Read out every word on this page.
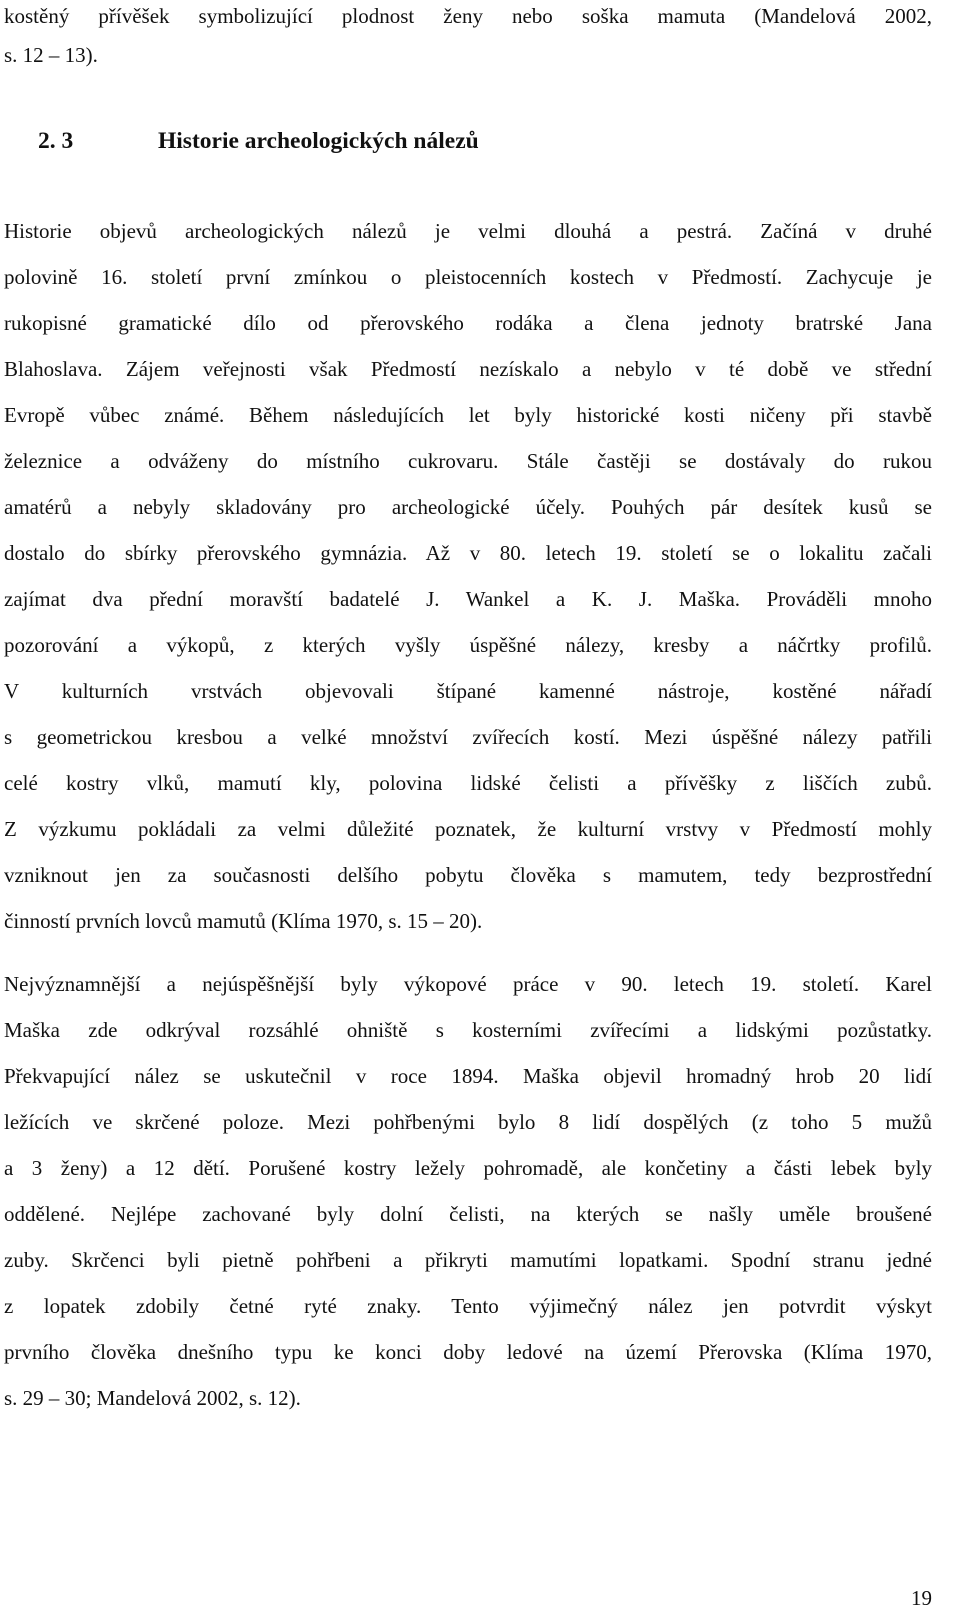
kostěný přívěšek symbolizující plodnost ženy nebo soška mamuta (Mandelová 2002,
s. 12 – 13).
2. 3	Historie archeologických nálezů
Historie objevů archeologických nálezů je velmi dlouhá a pestrá. Začíná v druhé
polovině 16. století první zmínkou o pleistocenních kostech v Předmostí. Zachycuje je
rukopisné gramatické dílo od přerovského rodáka a člena jednoty bratrské Jana
Blahoslava. Zájem veřejnosti však Předmostí nezískalo a nebylo v té době ve střední
Evropě vůbec známé. Během následujících let byly historické kosti ničeny při stavbě
železnice a odváženy do místního cukrovaru. Stále častěji se dostávaly do rukou
amatérů a nebyly skladovány pro archeologické účely. Pouhých pár desítek kusů se
dostalo do sbírky přerovského gymnázia. Až v 80. letech 19. století se o lokalitu začali
zajímat dva přední moravští badatelé J. Wankel a K. J. Maška. Prováděli mnoho
pozorování a výkopů, z kterých vyšly úspěšné nálezy, kresby a náčrtky profilů.
V kulturních vrstvách objevovali štípané kamenné nástroje, kostěné nářadí
s geometrickou kresbou a velké množství zvířecích kostí. Mezi úspěšné nálezy patřili
celé kostry vlků, mamutí kly, polovina lidské čelisti a přívěšky z liščích zubů.
Z výzkumu pokládali za velmi důležité poznatek, že kulturní vrstvy v Předmostí mohly
vzniknout jen za současnosti delšího pobytu člověka s mamutem, tedy bezprostřední
činností prvních lovců mamutů (Klíma 1970, s. 15 – 20).
Nejvýznamnější a nejúspěšnější byly výkopové práce v 90. letech 19. století. Karel
Maška zde odkrýval rozsáhlé ohniště s kosterními zvířecími a lidskými pozůstatky.
Překvapující nález se uskutečnil v roce 1894. Maška objevil hromadný hrob 20 lidí
ležících ve skrčené poloze. Mezi pohřbenými bylo 8 lidí dospělých (z toho 5 mužů
a 3 ženy) a 12 dětí. Porušené kostry ležely pohromadě, ale končetiny a části lebek byly
oddělené. Nejlépe zachované byly dolní čelisti, na kterých se našly uměle broušené
zuby. Skrčenci byli pietně pohřbeni a přikryti mamutími lopatkami. Spodní stranu jedné
z lopatek zdobily četné ryté znaky. Tento výjimečný nález jen potvrdit výskyt
prvního člověka dnešního typu ke konci doby ledové na území Přerovska (Klíma 1970,
s. 29 – 30; Mandelová 2002, s. 12).
19
